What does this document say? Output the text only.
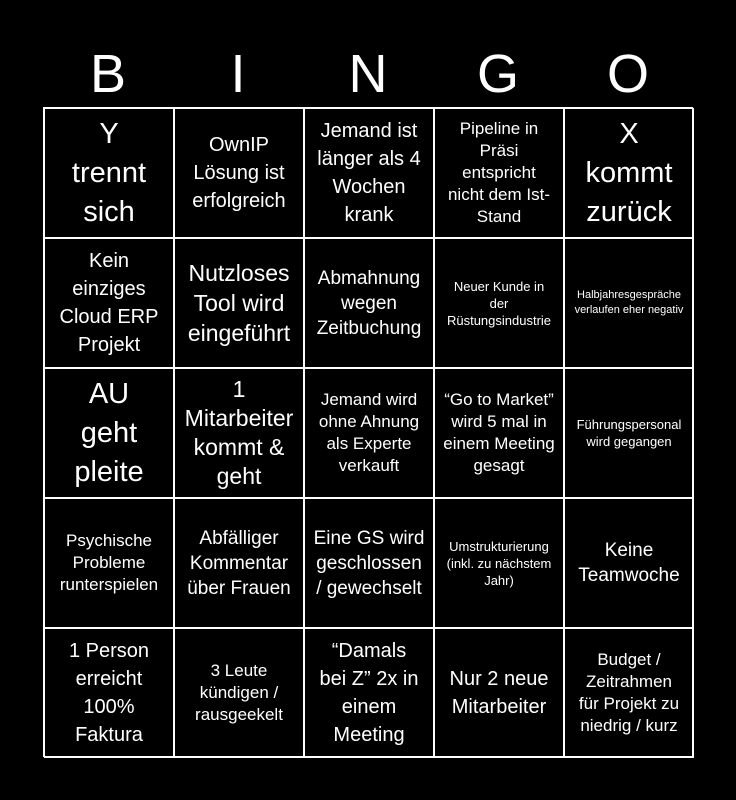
B	I	N	G	O
Y trennt sich
OwnIP Lösung ist erfolgreich
Jemand ist länger als 4 Wochen krank
Pipeline in Präsi entspricht nicht dem Ist-Stand
X kommt zurück
Kein einziges Cloud ERP Projekt
Nutzloses Tool wird eingeführt
Abmahnung wegen Zeitbuchung
Neuer Kunde in der Rüstungsindustrie
Halbjahresgespräche verlaufen eher negativ
AU geht pleite
1 Mitarbeiter kommt & geht
Jemand wird ohne Ahnung als Experte verkauft
“Go to Market” wird 5 mal in einem Meeting gesagt
Führungspersonal wird gegangen
Psychische Probleme runterspielen
Abfälliger Kommentar über Frauen
Eine GS wird geschlossen / gewechselt
Umstrukturierung (inkl. zu nächstem Jahr)
Keine Teamwoche
1 Person erreicht 100% Faktura
3 Leute kündigen / rausgeekelt
“Damals bei Z” 2x in einem Meeting
Nur 2 neue Mitarbeiter
Budget / Zeitrahmen für Projekt zu niedrig / kurz
